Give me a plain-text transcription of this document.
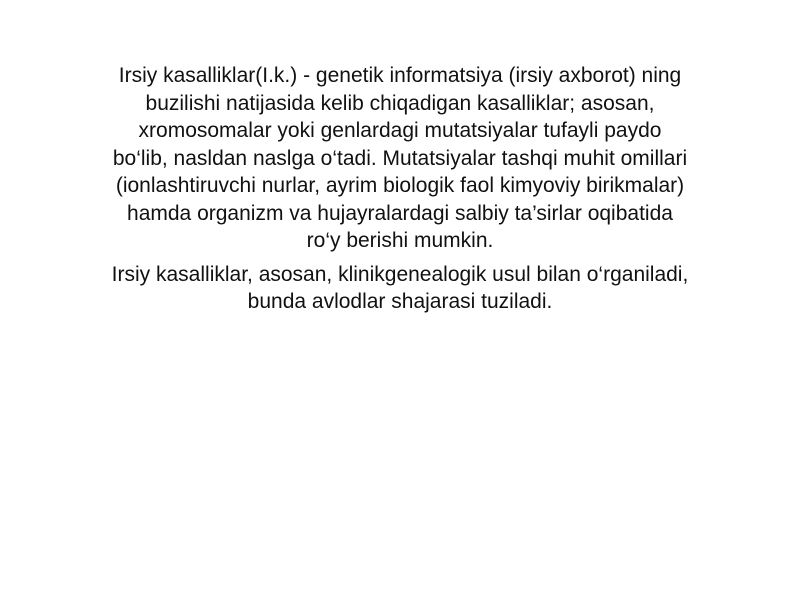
Irsiy kasalliklar(I.k.) - genetik informatsiya (irsiy axborot) ning buzilishi natijasida kelib chiqadigan kasalliklar; asosan, xromosomalar yoki genlardagi mutatsiyalar tufayli paydo bo‘lib, nasldan naslga o‘tadi. Mutatsiyalar tashqi muhit omillari (ionlashtiruvchi nurlar, ayrim biologik faol kimyoviy birikmalar) hamda organizm va hujayralardagi salbiy ta’sirlar oqibatida ro‘y berishi mumkin.

Irsiy kasalliklar, asosan, klinikgenealogik usul bilan o‘rganiladi, bunda avlodlar shajarasi tuziladi.
